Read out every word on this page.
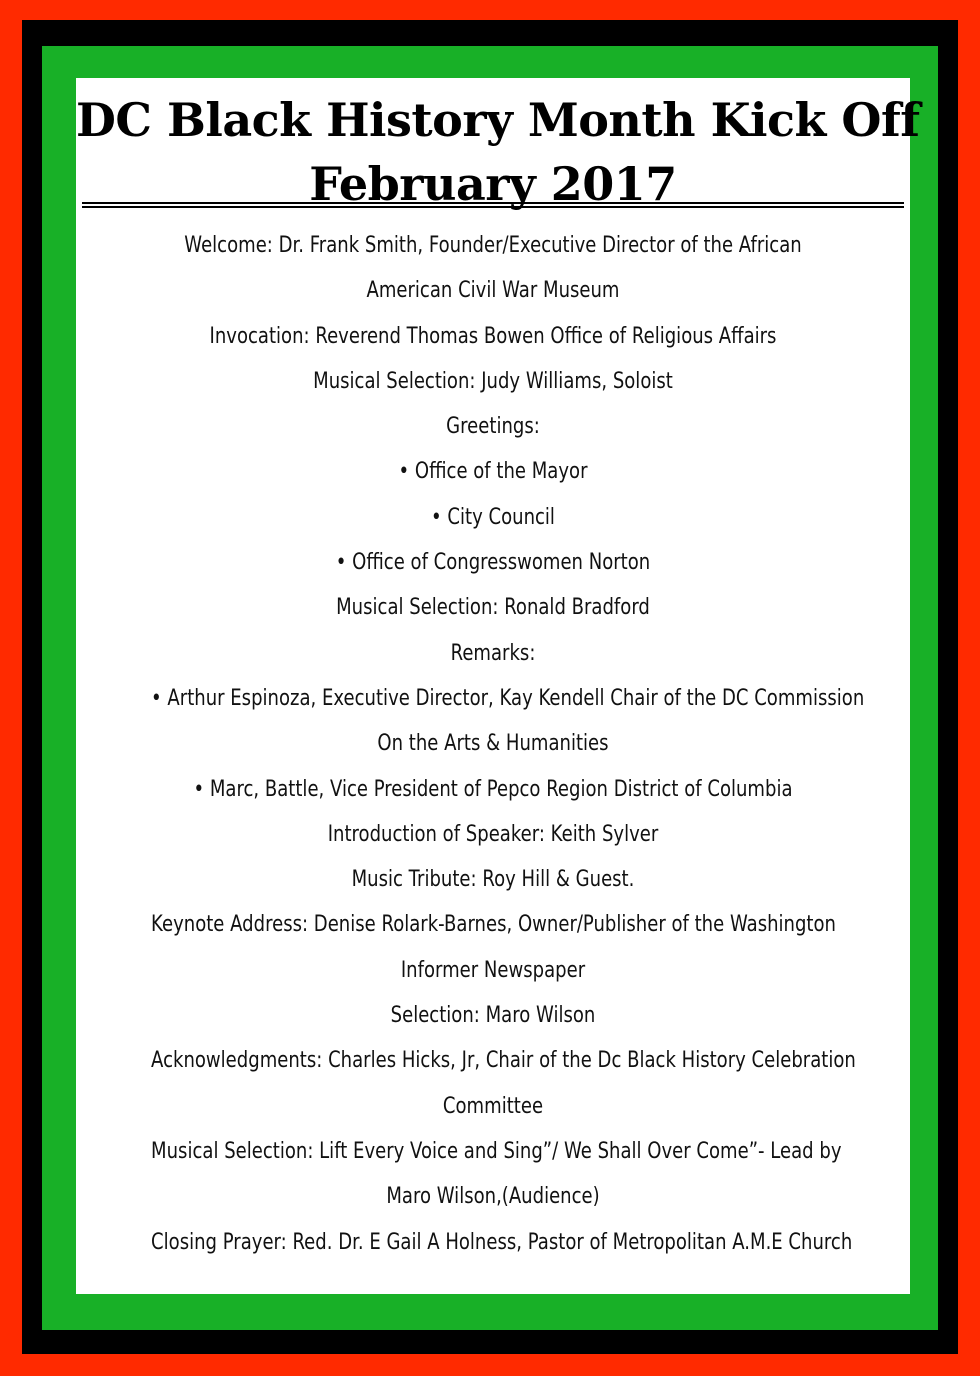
DC Black History Month Kick Off
February 2017
Welcome: Dr. Frank Smith, Founder/Executive Director of the African
American Civil War Museum
Invocation: Reverend Thomas Bowen Office of Religious Affairs
Musical Selection: Judy Williams, Soloist
Greetings:
• Office of the Mayor
• City Council
• Office of Congresswomen Norton
Musical Selection: Ronald Bradford
Remarks:
• Arthur Espinoza, Executive Director, Kay Kendell Chair of the DC Commission
On the Arts & Humanities
• Marc, Battle, Vice President of Pepco Region District of Columbia
Introduction of Speaker: Keith Sylver
Music Tribute: Roy Hill & Guest.
Keynote Address: Denise Rolark-Barnes, Owner/Publisher of the Washington
Informer Newspaper
Selection: Maro Wilson
Acknowledgments: Charles Hicks, Jr, Chair of the Dc Black History Celebration
Committee
Musical Selection: Lift Every Voice and Sing”/ We Shall Over Come”- Lead by
Maro Wilson,(Audience)
Closing Prayer: Red. Dr. E Gail A Holness, Pastor of Metropolitan A.M.E Church
